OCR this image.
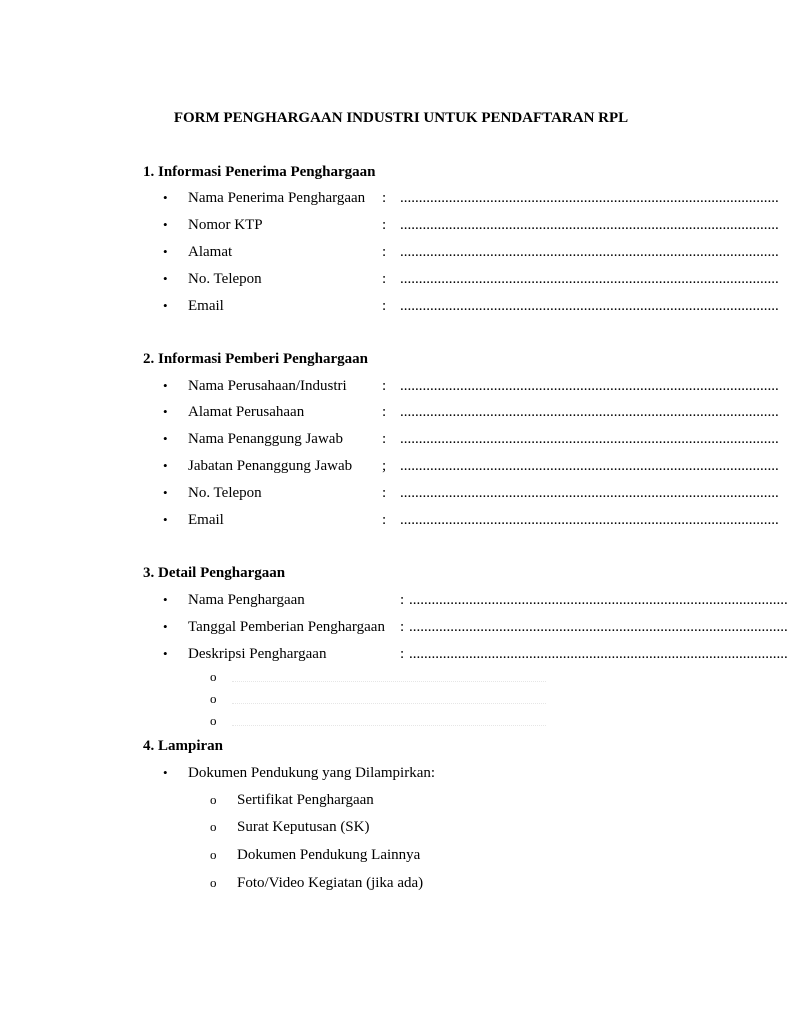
FORM PENGHARGAAN INDUSTRI UNTUK PENDAFTARAN RPL
1. Informasi Penerima Penghargaan
• Nama Penerima Penghargaan : .....................................................................................................
• Nomor KTP	: .....................................................................................................
• Alamat	: .....................................................................................................
• No. Telepon	: .....................................................................................................
• Email	: .....................................................................................................
2. Informasi Pemberi Penghargaan
• Nama Perusahaan/Industri : .....................................................................................................
• Alamat Perusahaan	: .....................................................................................................
• Nama Penanggung Jawab	: .....................................................................................................
• Jabatan Penanggung Jawab ; .....................................................................................................
• No. Telepon	: .....................................................................................................
• Email	: .....................................................................................................
3. Detail Penghargaan
• Nama Penghargaan	: .....................................................................................................
• Tanggal Pemberian Penghargaan : .....................................................................................................
• Deskripsi Penghargaan	: .....................................................................................................
o
o
o
4. Lampiran
• Dokumen Pendukung yang Dilampirkan:
o Sertifikat Penghargaan
o Surat Keputusan (SK)
o Dokumen Pendukung Lainnya
o Foto/Video Kegiatan (jika ada)
